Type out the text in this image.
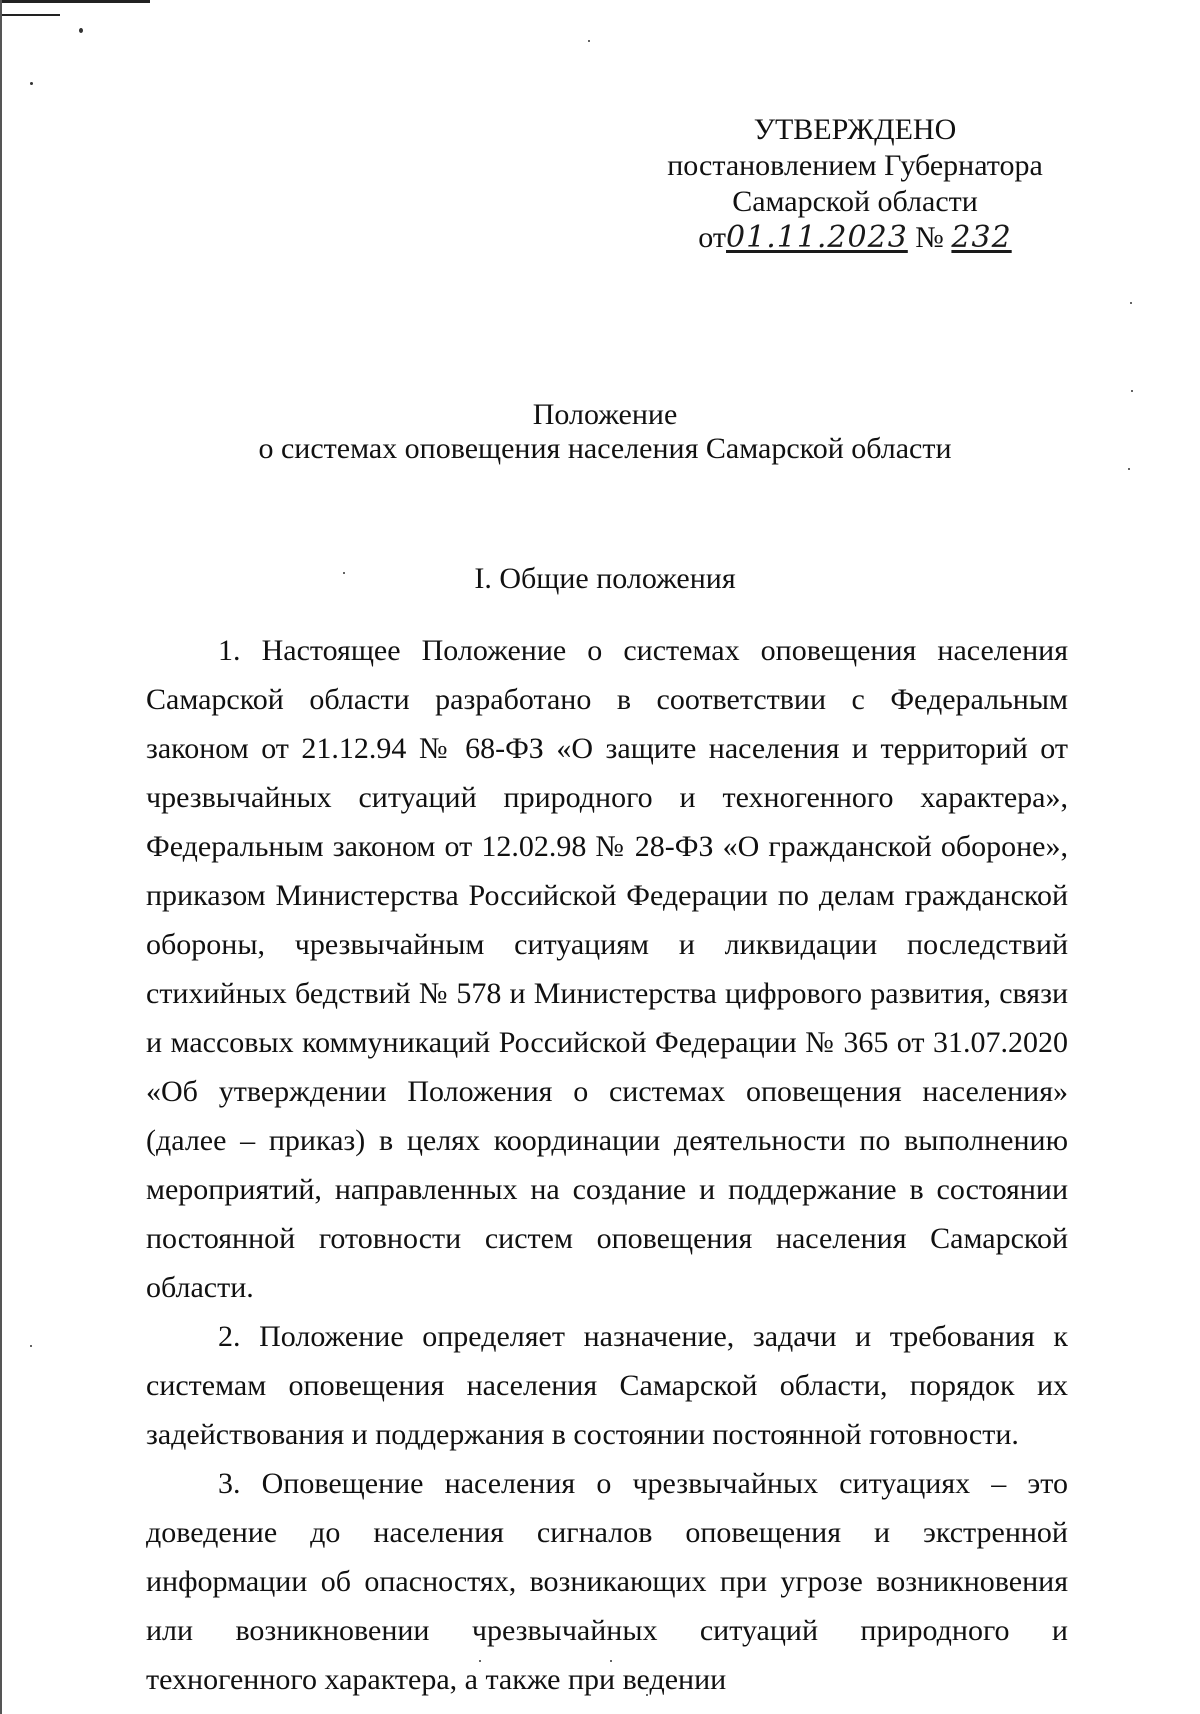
УТВЕРЖДЕНО
постановлением Губернатора
Самарской области
от01.11.2023 № 232
Положение
о системах оповещения населения Самарской области
I. Общие положения

1. Настоящее Положение о системах оповещения населения Самарской области разработано в соответствии с Федеральным законом от 21.12.94 № 68-ФЗ «О защите населения и территорий от чрезвычайных ситуаций природного и техногенного характера», Федеральным законом от 12.02.98 № 28-ФЗ «О гражданской обороне», приказом Министерства Российской Федерации по делам гражданской обороны, чрезвычайным ситуациям и ликвидации последствий стихийных бедствий № 578 и Министерства цифрового развития, связи и массовых коммуникаций Российской Федерации № 365 от 31.07.2020 «Об утверждении Положения о системах оповещения населения» (далее – приказ) в целях координации деятельности по выполнению мероприятий, направленных на создание и поддержание в состоянии постоянной готовности систем оповещения населения Самарской области.

2. Положение определяет назначение, задачи и требования к системам оповещения населения Самарской области, порядок их задействования и поддержания в состоянии постоянной готовности.

3. Оповещение населения о чрезвычайных ситуациях – это доведение до населения сигналов оповещения и экстренной информации об опасностях, возникающих при угрозе возникновения или возникновении чрезвычайных ситуаций природного и техногенного характера, а также при ведении
